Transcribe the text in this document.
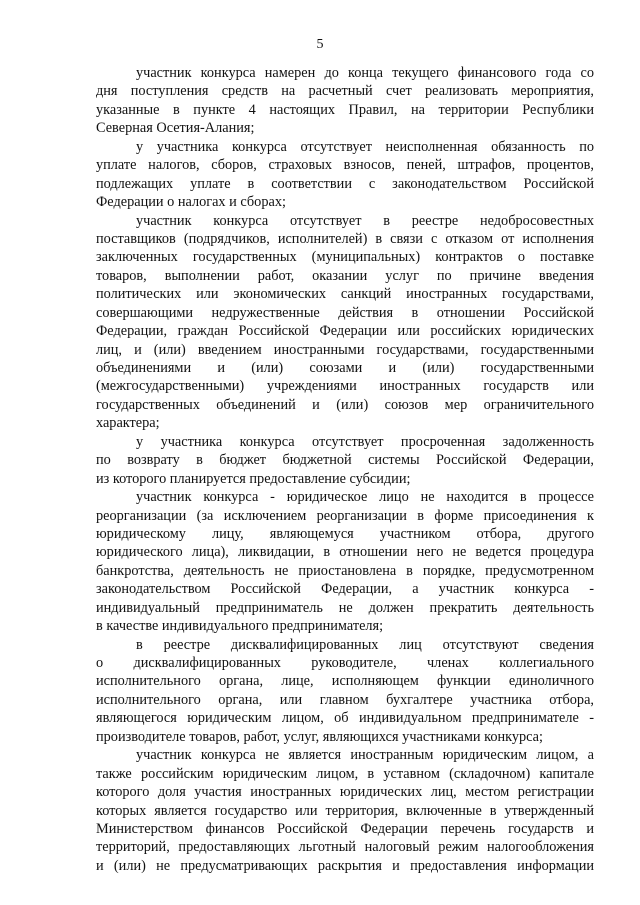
5
участник конкурса намерен до конца текущего финансового года со
дня поступления средств на расчетный счет реализовать мероприятия,
указанные в пункте 4 настоящих Правил, на территории Республики
Северная Осетия-Алания;
у участника конкурса отсутствует неисполненная обязанность по
уплате налогов, сборов, страховых взносов, пеней, штрафов, процентов,
подлежащих уплате в соответствии с законодательством Российской
Федерации о налогах и сборах;
участник конкурса отсутствует в реестре недобросовестных
поставщиков (подрядчиков, исполнителей) в связи с отказом от исполнения
заключенных государственных (муниципальных) контрактов о поставке
товаров, выполнении работ, оказании услуг по причине введения
политических или экономических санкций иностранных государствами,
совершающими недружественные действия в отношении Российской
Федерации, граждан Российской Федерации или российских юридических
лиц, и (или) введением иностранными государствами, государственными
объединениями и (или) союзами и (или) государственными
(межгосударственными) учреждениями иностранных государств или
государственных объединений и (или) союзов мер ограничительного
характера;
у участника конкурса отсутствует просроченная задолженность
по возврату в бюджет бюджетной системы Российской Федерации,
из которого планируется предоставление субсидии;
участник конкурса - юридическое лицо не находится в процессе
реорганизации (за исключением реорганизации в форме присоединения к
юридическому лицу, являющемуся участником отбора, другого
юридического лица), ликвидации, в отношении него не ведется процедура
банкротства, деятельность не приостановлена в порядке, предусмотренном
законодательством Российской Федерации, а участник конкурса -
индивидуальный предприниматель не должен прекратить деятельность
в качестве индивидуального предпринимателя;
в реестре дисквалифицированных лиц отсутствуют сведения
о дисквалифицированных руководителе, членах коллегиального
исполнительного органа, лице, исполняющем функции единоличного
исполнительного органа, или главном бухгалтере участника отбора,
являющегося юридическим лицом, об индивидуальном предпринимателе -
производителе товаров, работ, услуг, являющихся участниками конкурса;
участник конкурса не является иностранным юридическим лицом, а
также российским юридическим лицом, в уставном (складочном) капитале
которого доля участия иностранных юридических лиц, местом регистрации
которых является государство или территория, включенные в утвержденный
Министерством финансов Российской Федерации перечень государств и
территорий, предоставляющих льготный налоговый режим налогообложения
и (или) не предусматривающих раскрытия и предоставления информации
